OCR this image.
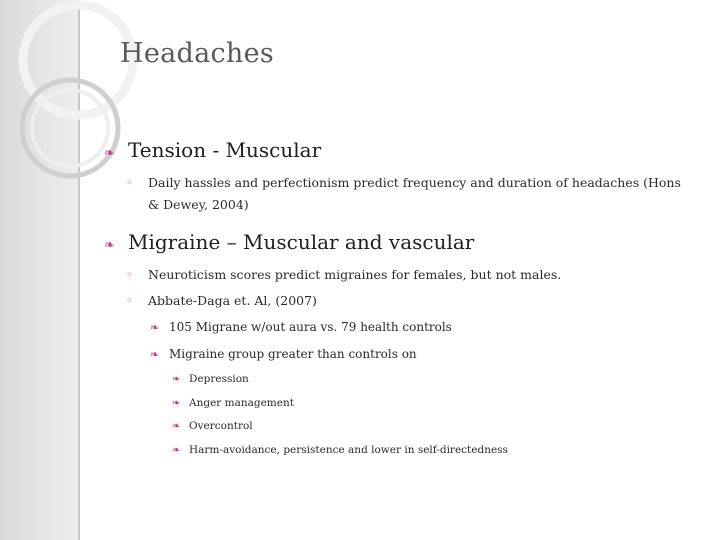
Headaches
❧ Tension - Muscular
◦	Daily hassles and perfectionism predict frequency and duration of headaches (Hons & Dewey, 2004)
❧ Migraine – Muscular and vascular
◦	Neuroticism scores predict migraines for females, but not males.
◦	Abbate-Daga et. Al, (2007)
❧ 105 Migrane w/out aura vs. 79 health controls
❧ Migraine group greater than controls on
❧ Depression
❧ Anger management
❧ Overcontrol
❧ Harm-avoidance, persistence and lower in self-directedness
